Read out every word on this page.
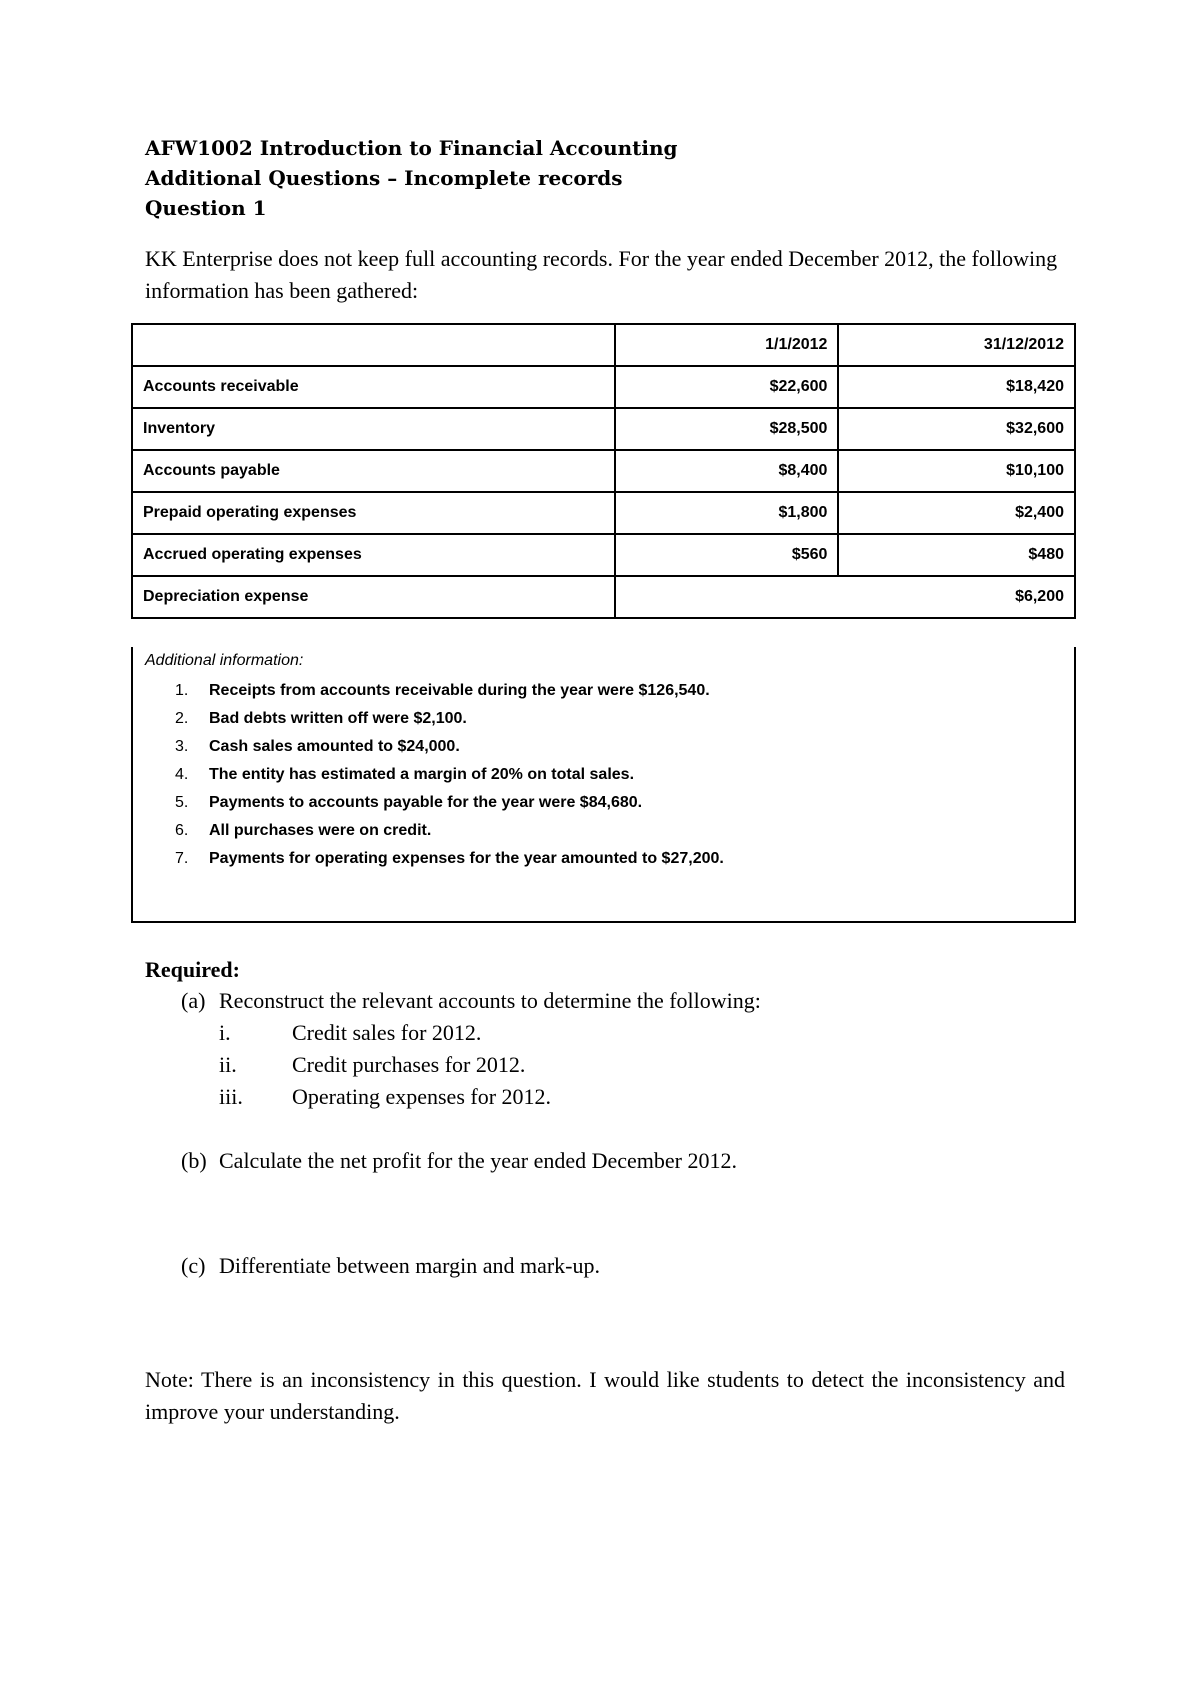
AFW1002 Introduction to Financial Accounting
Additional Questions – Incomplete records
Question 1
KK Enterprise does not keep full accounting records. For the year ended December 2012, the following information has been gathered:
	1/1/2012	31/12/2012
Accounts receivable	$22,600	$18,420
Inventory	$28,500	$32,600
Accounts payable	$8,400	$10,100
Prepaid operating expenses	$1,800	$2,400
Accrued operating expenses	$560	$480
Depreciation expense	$6,200	
Additional information:
1. Receipts from accounts receivable during the year were $126,540.
2. Bad debts written off were $2,100.
3. Cash sales amounted to $24,000.
4. The entity has estimated a margin of 20% on total sales.
5. Payments to accounts payable for the year were $84,680.
6. All purchases were on credit.
7. Payments for operating expenses for the year amounted to $27,200.
Required:
(a) Reconstruct the relevant accounts to determine the following:
i.	Credit sales for 2012.
ii.	Credit purchases for 2012.
iii. Operating expenses for 2012.
(b) Calculate the net profit for the year ended December 2012.
(c) Differentiate between margin and mark-up.
Note: There is an inconsistency in this question. I would like students to detect the inconsistency and improve your understanding.
